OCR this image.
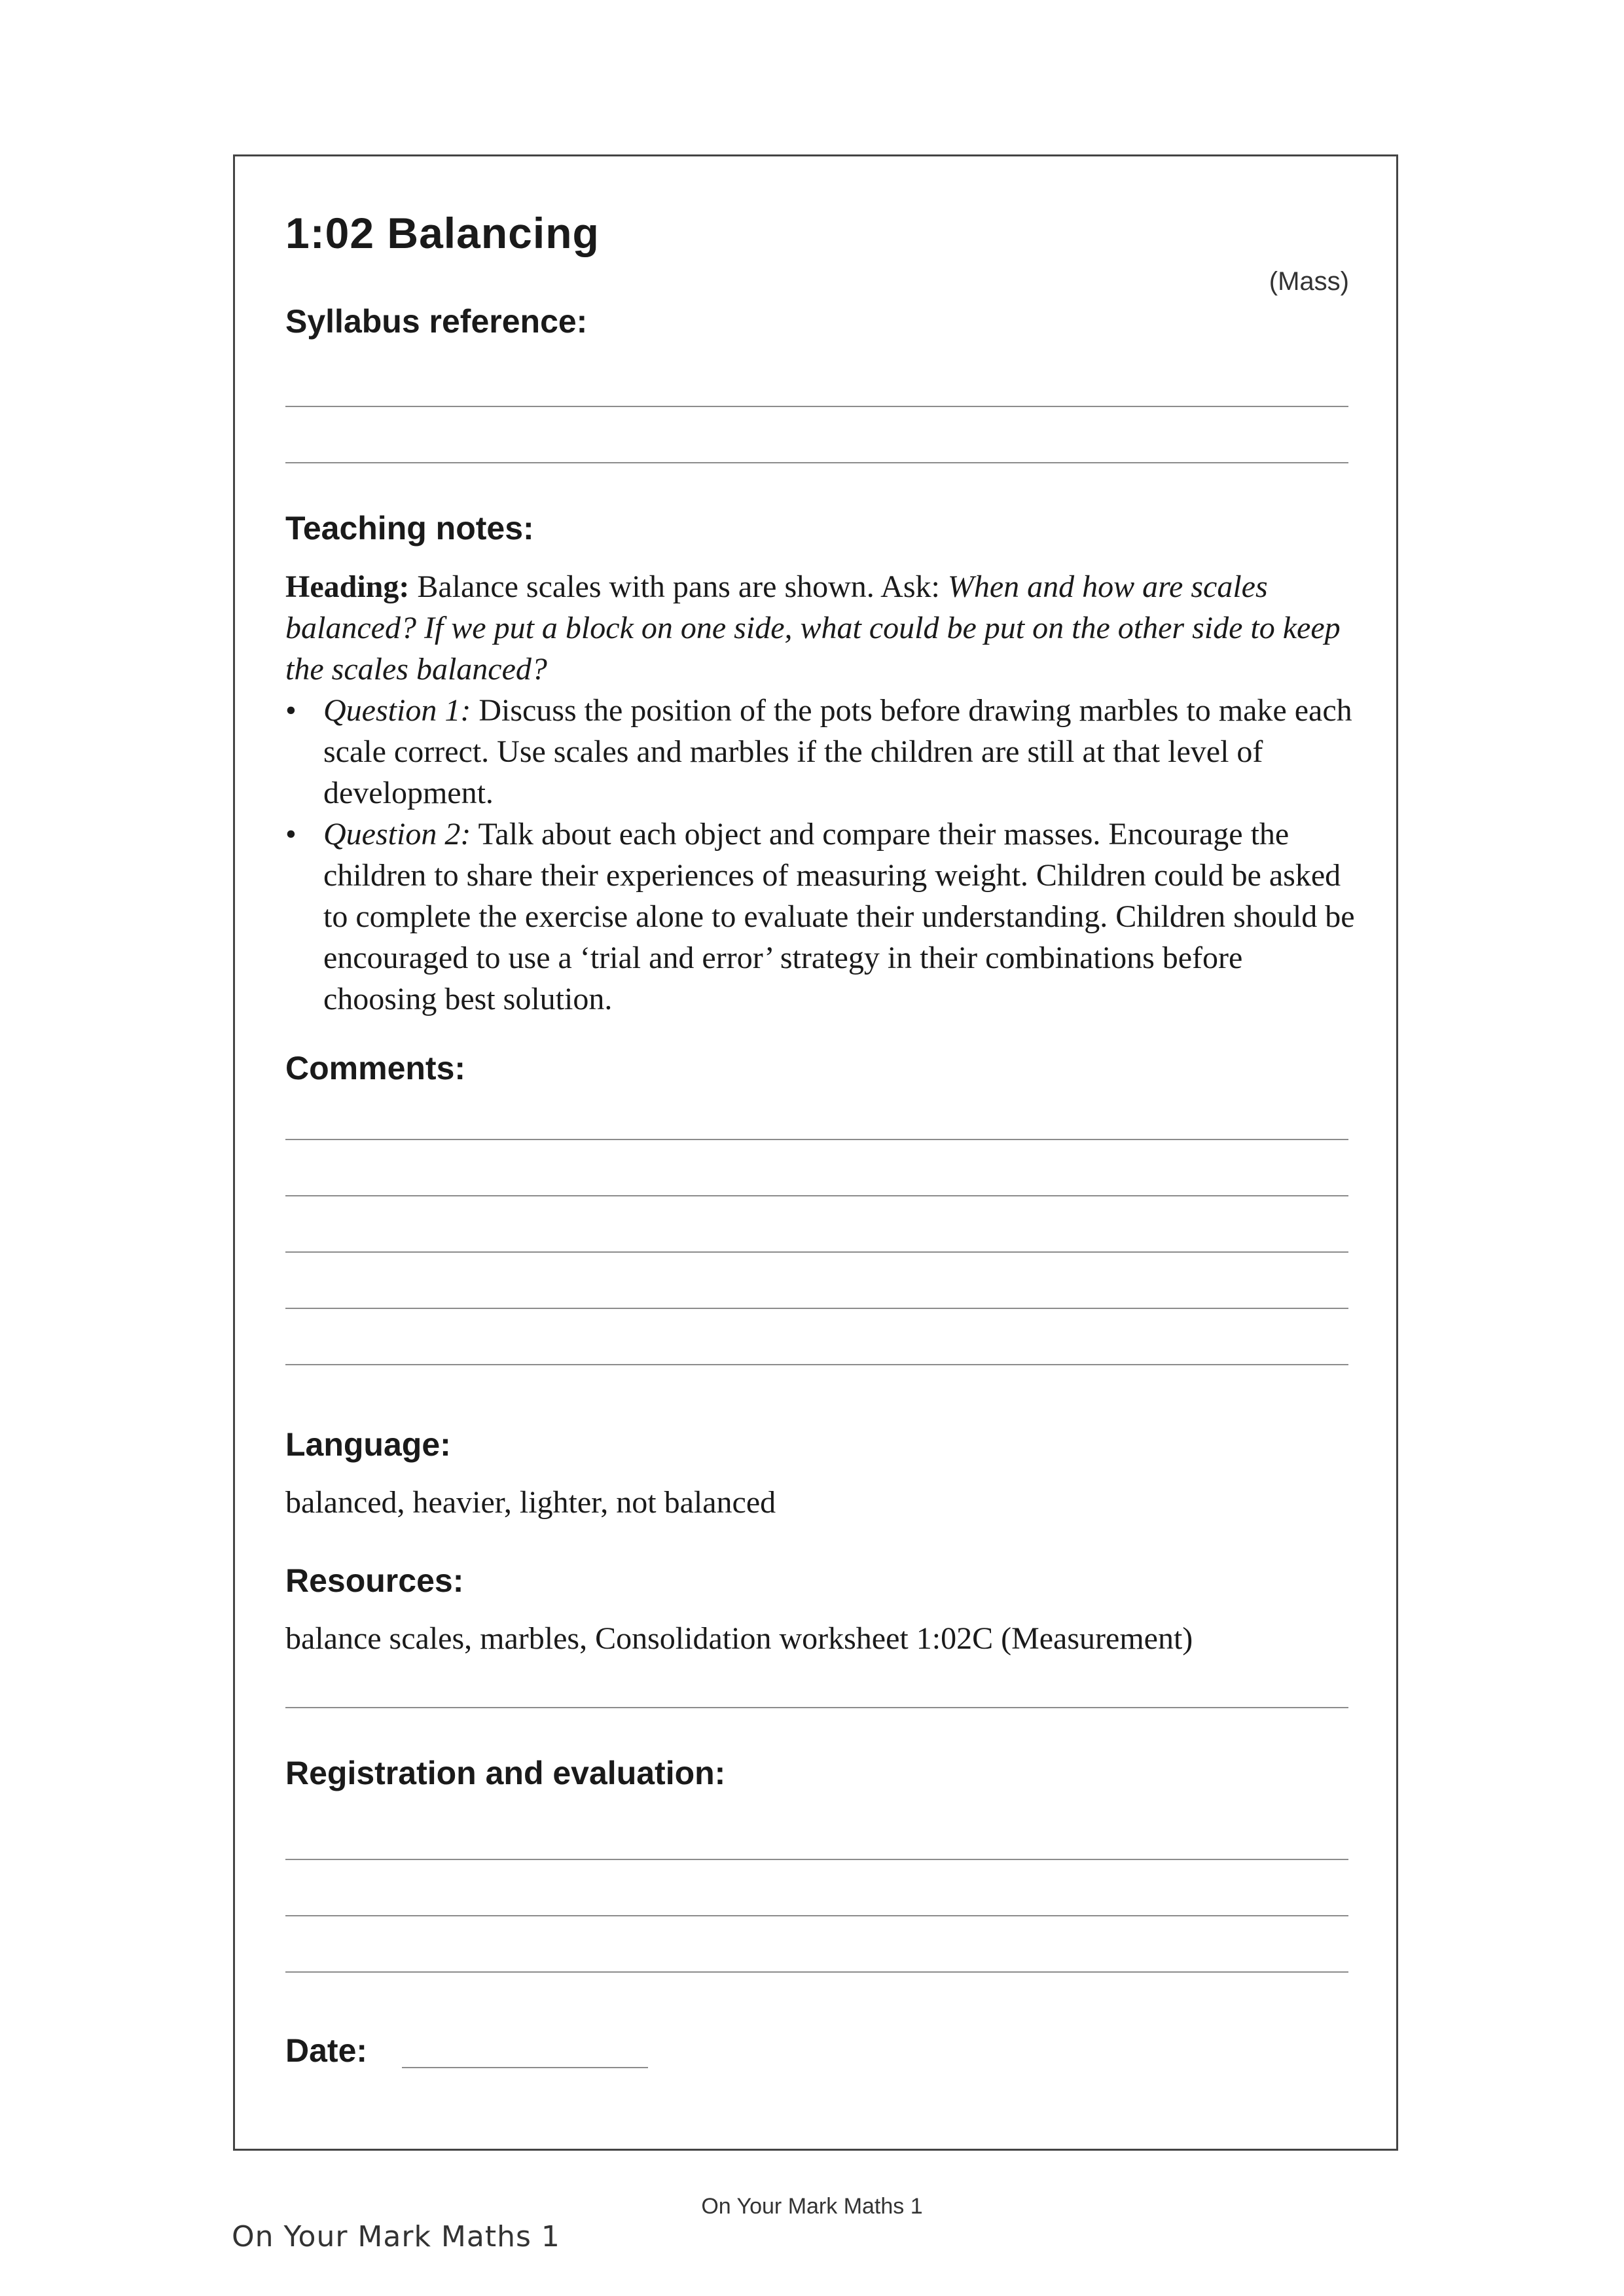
1:02 Balancing
(Mass)
Syllabus reference:
Teaching notes:

Heading: Balance scales with pans are shown. Ask: When and how are scales balanced? If we put a block on one side, what could be put on the other side to keep the scales balanced?

• Question 1: Discuss the position of the pots before drawing marbles to make each scale correct. Use scales and marbles if the children are still at that level of development.
• Question 2: Talk about each object and compare their masses. Encourage the children to share their experiences of measuring weight. Children could be asked to complete the exercise alone to evaluate their understanding. Children should be encouraged to use a ‘trial and error’ strategy in their combinations before choosing best solution.
Comments:
Language:

balanced, heavier, lighter, not balanced

Resources:

balance scales, marbles, Consolidation worksheet 1:02C (Measurement)

Registration and evaluation:
Date:
On Your Mark Maths 1
On Your Mark Maths 1
